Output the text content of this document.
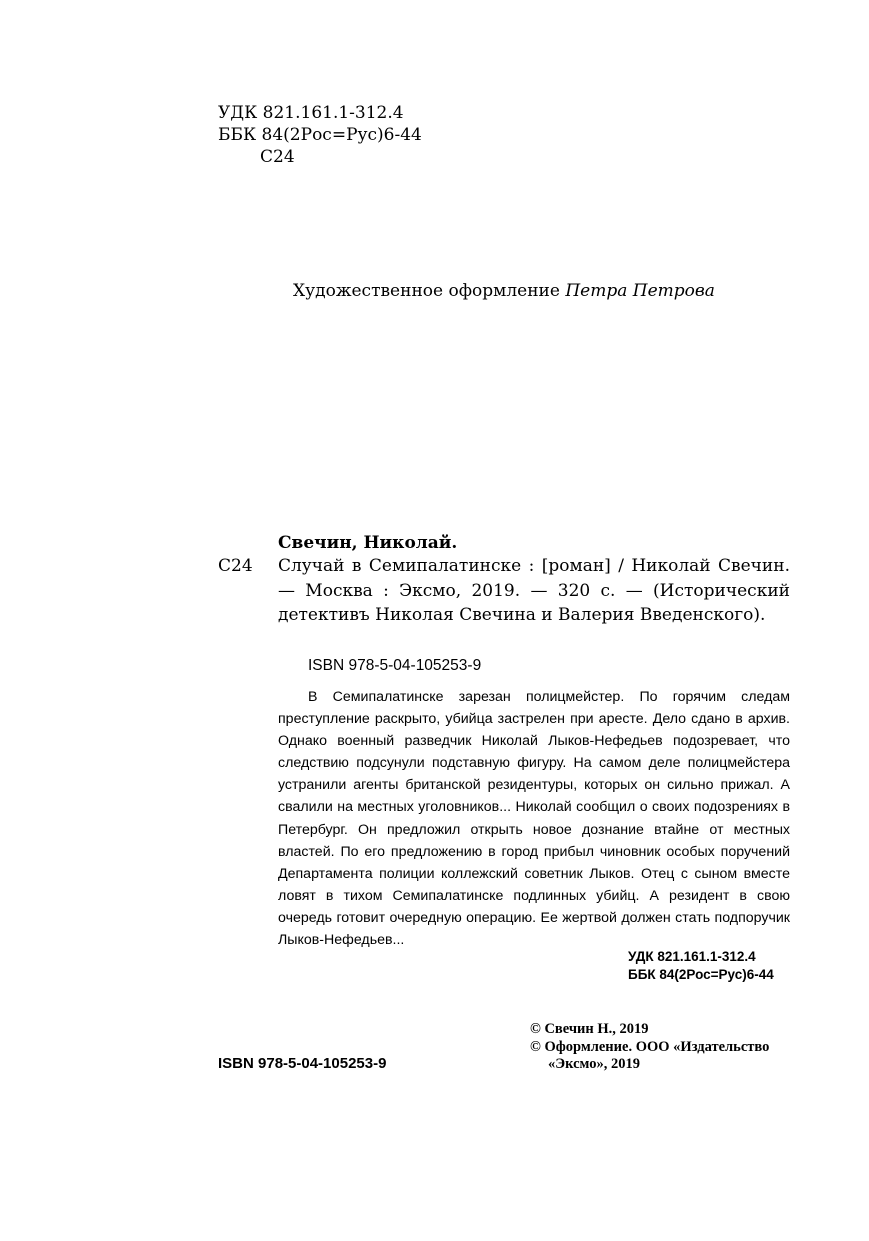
УДК 821.161.1-312.4
ББК 84(2Рос=Рус)6-44
С24
Художественное оформление Петра Петрова
Свечин, Николай.
С24 Случай в Семипалатинске : [роман] / Николай Свечин. — Москва : Эксмо, 2019. — 320 с. — (Исторический детективъ Николая Свечина и Валерия Введенского).
ISBN 978-5-04-105253-9

В Семипалатинске зарезан полицмейстер. По горячим следам преступление раскрыто, убийца застрелен при аресте. Дело сдано в архив. Однако военный разведчик Николай Лыков-Нефедьев подозревает, что следствию подсунули подставную фигуру. На самом деле полицмейстера устранили агенты британской резидентуры, которых он сильно прижал. А свалили на местных уголовников... Николай сообщил о своих подозрениях в Петербург. Он предложил открыть новое дознание втайне от местных властей. По его предложению в город прибыл чиновник особых поручений Департамента полиции коллежский советник Лыков. Отец с сыном вместе ловят в тихом Семипалатинске подлинных убийц. А резидент в свою очередь готовит очередную операцию. Ее жертвой должен стать подпоручик Лыков-Нефедьев...

УДК 821.161.1-312.4
ББК 84(2Рос=Рус)6-44
© Свечин Н., 2019
© Оформление. ООО «Издательство
«Эксмо», 2019
ISBN 978-5-04-105253-9
